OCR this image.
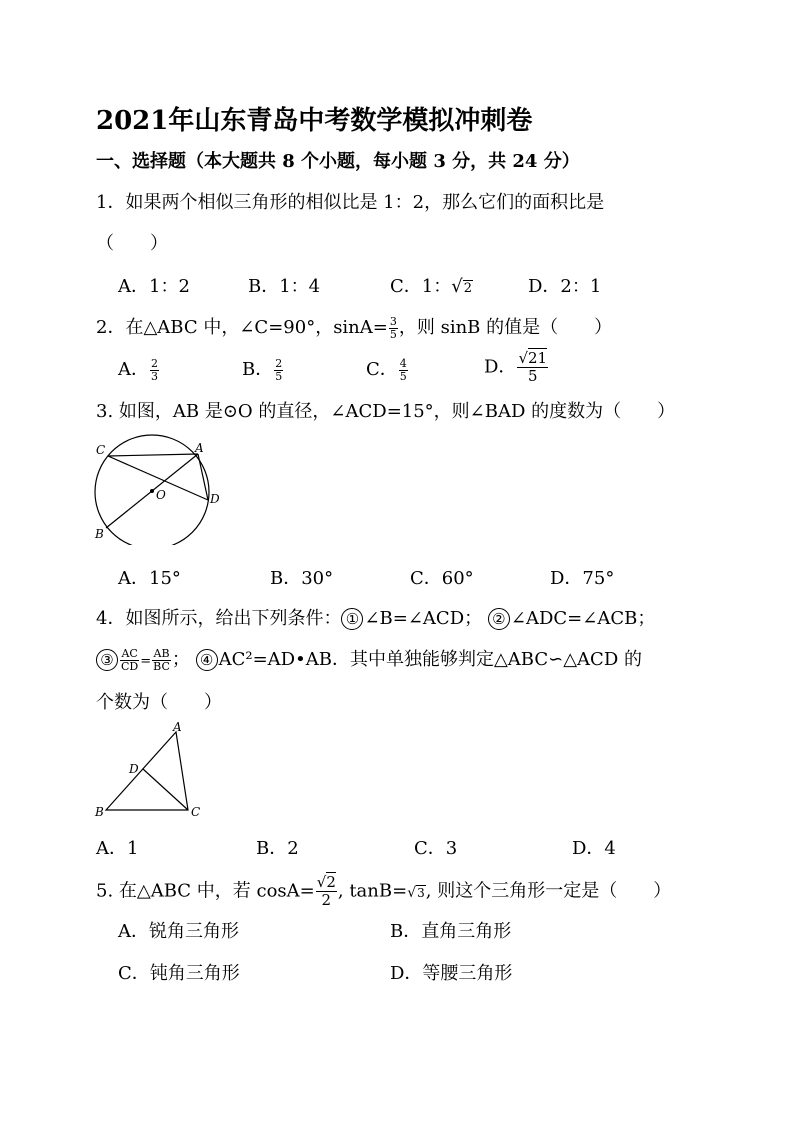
2021年山东青岛中考数学模拟冲刺卷
一、选择题（本大题共 8 个小题，每小题 3 分，共 24 分）
1．如果两个相似三角形的相似比是 1：2，那么它们的面积比是
（　　）
A．1：2	B．1：4	C．1：√2	D．2：1
2．在△ABC 中，∠C=90°，$\sin A= \frac{3}{5}$ ，则 sinB 的值是（　　）
A． $\frac{2}{3}$	B． $\frac{2}{5}$	C． $\frac{4}{5}$	D． $\frac{√21}{5}$
3. 如图，AB 是⊙O 的直径，∠ACD=15°，则∠BAD 的度数为（　　）
C	A
O	D
B
A．15°	B．30°	C．60°	D．75°
4．如图所示，给出下列条件： ① ∠B=∠ACD； ② ∠ADC=∠ACB；
③ $\frac{AC}{CD} = \frac{AB}{BC}$ ； ④ AC²=AD•AB．其中单独能够判定△ABC∽△ACD 的
个数为（　　）
A
D
B	C
A．1	B．2	C．3	D．4
5. 在△ABC 中，若 $\cos A= \frac{√2}{2}$ , tanB=√3, 则这个三角形一定是（　　）
A．锐角三角形	B．直角三角形
C．钝角三角形	D．等腰三角形
